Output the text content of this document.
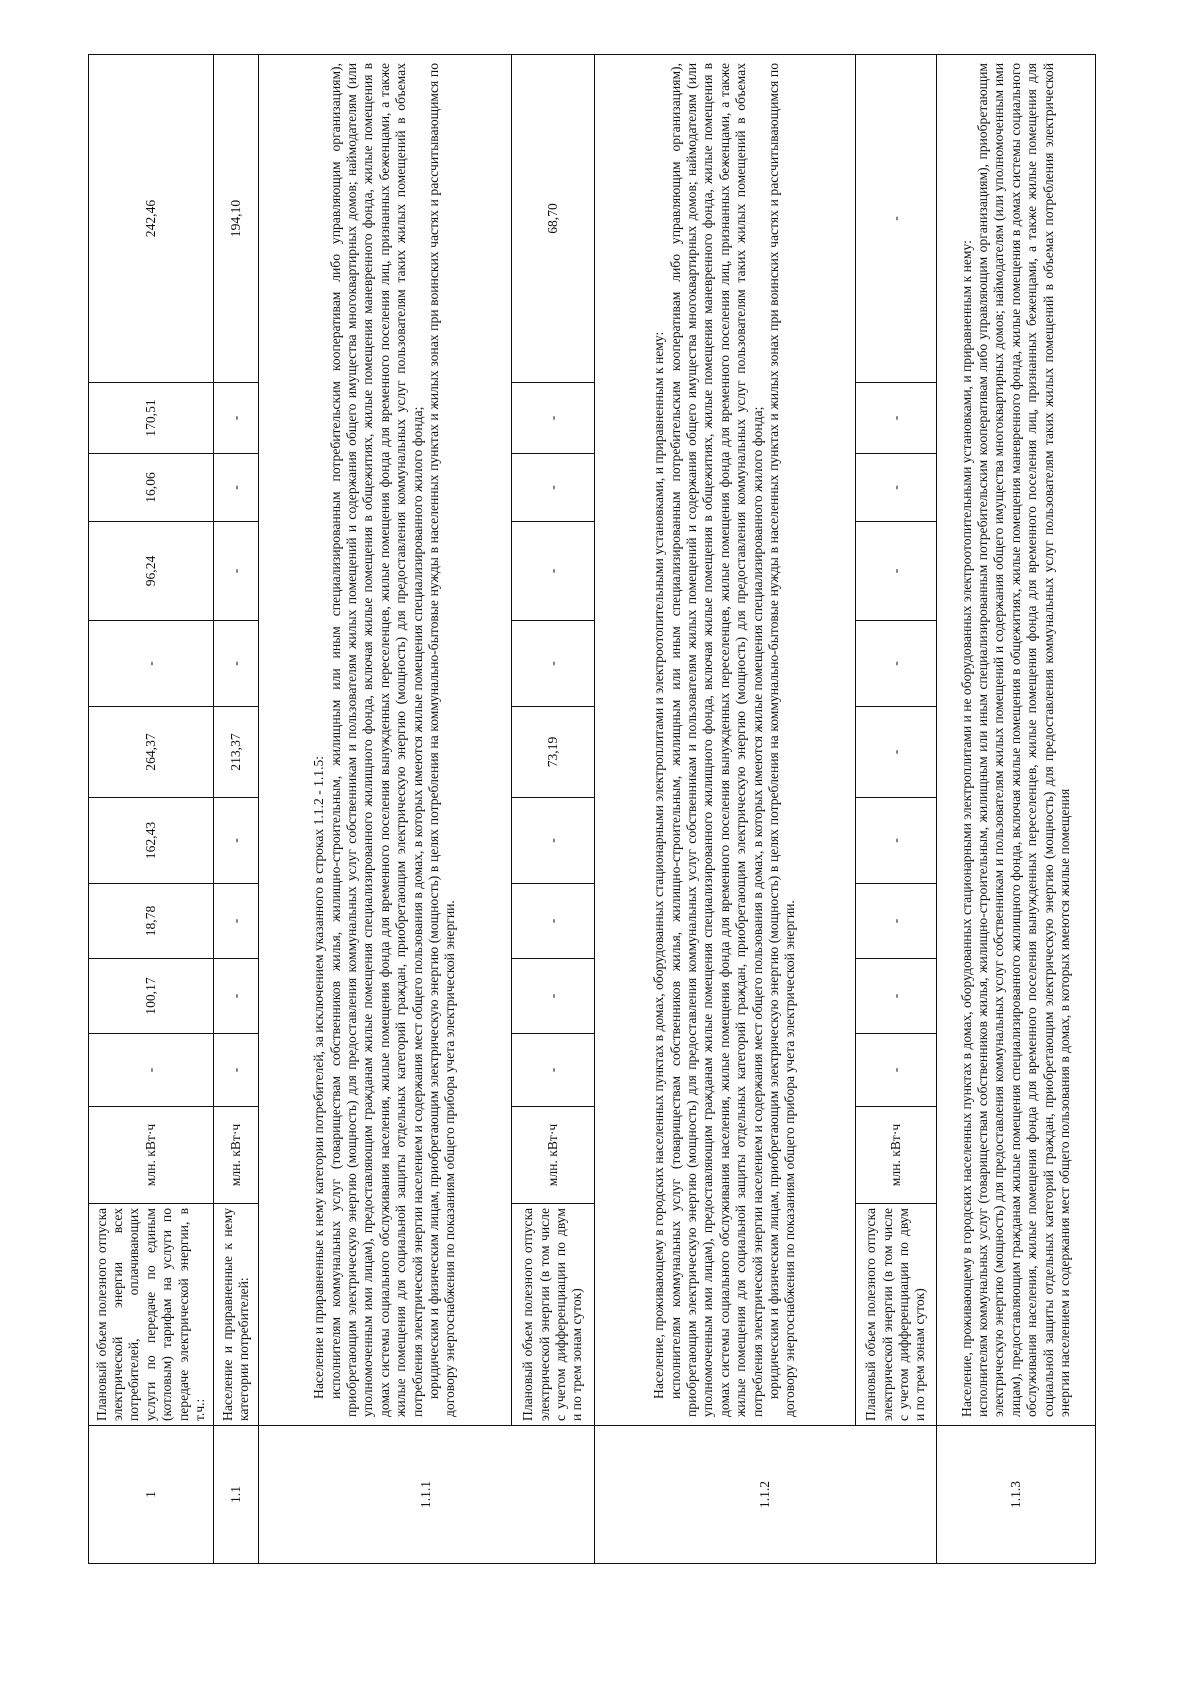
1	Плановый объем полезного отпуска электрической энергии всех потребителей, оплачивающих услуги по передаче по единым (котловым) тарифам на услуги по передаче электрической энергии, в т.ч.:	млн. кВт·ч	-	100,17	18,78	162,43	264,37	-	96,24	16,06	170,51	242,46
1.1	Население и приравненные к нему категории потребителей:	млн. кВт·ч	-	-	-	-	213,37	-	-	-	-	194,10
1.1.1	Население и приравненные к нему категории потребителей, за исключением указанного в строках 1.1.2 - 1.1.5: исполнителям коммунальных услуг (товариществам собственников жилья, жилищно-строительным, жилищным или иным специализированным потребительским кооперативам либо управляющим организациям), приобретающим электрическую энергию (мощность) для предоставления коммунальных услуг собственникам и пользователям жилых помещений и содержания общего имущества многоквартирных домов; наймодателям (или уполномоченным ими лицам), предоставляющим гражданам жилые помещения специализированного жилищного фонда, включая жилые помещения в общежитиях, жилые помещения маневренного фонда, жилые помещения в домах системы социального обслуживания населения, жилые помещения фонда для временного поселения вынужденных переселенцев, жилые помещения фонда для временного поселения лиц, признанных беженцами, а также жилые помещения для социальной защиты отдельных категорий граждан, приобретающим электрическую энергию (мощность) для предоставления коммунальных услуг пользователям таких жилых помещений в объемах потребления электрической энергии населением и содержания мест общего пользования в домах, в которых имеются жилые помещения специализированного жилого фонда; юридическим и физическим лицам, приобретающим электрическую энергию (мощность) в целях потребления на коммунально-бытовые нужды в населенных пунктах и жилых зонах при воинских частях и рассчитывающимся по договору энергоснабжения по показаниям общего прибора учета электрической энергии.											

	Плановый объем полезного отпуска электрической энергии (в том числе с учетом дифференциации по двум и по трем зонам суток)	млн. кВт·ч	-	-	-	-	73,19	-	-	-	-	68,70
1.1.2	Население, проживающему в городских населенных пунктах в домах, оборудованных стационарными электроплитами и электроотопительными установками, и приравненным к нему: исполнителям коммунальных услуг (товариществам собственников жилья, жилищно-строительным, жилищным или иным специализированным потребительским кооперативам либо управляющим организациям), приобретающим электрическую энергию (мощность) для предоставления коммунальных услуг собственникам и пользователям жилых помещений и содержания общего имущества многоквартирных домов; наймодателям (или уполномоченным ими лицам), предоставляющим гражданам жилые помещения специализированного жилищного фонда, включая жилые помещения в общежитиях, жилые помещения маневренного фонда, жилые помещения в домах системы социального обслуживания населения, жилые помещения фонда для временного поселения вынужденных переселенцев, жилые помещения фонда для временного поселения лиц, признанных беженцами, а также жилые помещения для социальной защиты отдельных категорий граждан, приобретающим электрическую энергию (мощность) для предоставления коммунальных услуг пользователям таких жилых помещений в объемах потребления электрической энергии населением и содержания мест общего пользования в домах, в которых имеются жилые помещения специализированного жилого фонда; юридическим и физическим лицам, приобретающим электрическую энергию (мощность) в целях потребления на коммунально-бытовые нужды в населенных пунктах и жилых зонах при воинских частях и рассчитывающимся по договору энергоснабжения по показаниям общего прибора учета электрической энергии.											

	Плановый объем полезного отпуска электрической энергии (в том числе с учетом дифференциации по двум и по трем зонам суток)	млн. кВт·ч	-	-	-	-	-	-	-	-	-	-
1.1.3	Население, проживающему в городских населенных пунктах в домах, оборудованных стационарными электроплитами и не оборудованных электроотопительными установками, и приравненным к нему: исполнителям коммунальных услуг (товариществам собственников жилья, жилищно-строительным, жилищным или иным специализированным потребительским кооперативам либо управляющим организациям), приобретающим электрическую энергию (мощность) для предоставления коммунальных услуг собственникам и пользователям жилых помещений и содержания общего имущества многоквартирных домов; наймодателям (или уполномоченным ими лицам), предоставляющим гражданам жилые помещения специализированного жилищного фонда, включая жилые помещения в общежитиях, жилые помещения маневренного фонда, жилые помещения в домах системы социального обслуживания населения, жилые помещения фонда для временного поселения вынужденных переселенцев, жилые помещения фонда для временного поселения лиц, признанных беженцами, а также жилые помещения для социальной защиты отдельных категорий граждан, приобретающим электрическую энергию (мощность) для предоставления коммунальных услуг пользователям таких жилых помещений в объемах потребления электрической энергии населением и содержания мест общего пользования в домах, в которых имеются жилые помещения											
